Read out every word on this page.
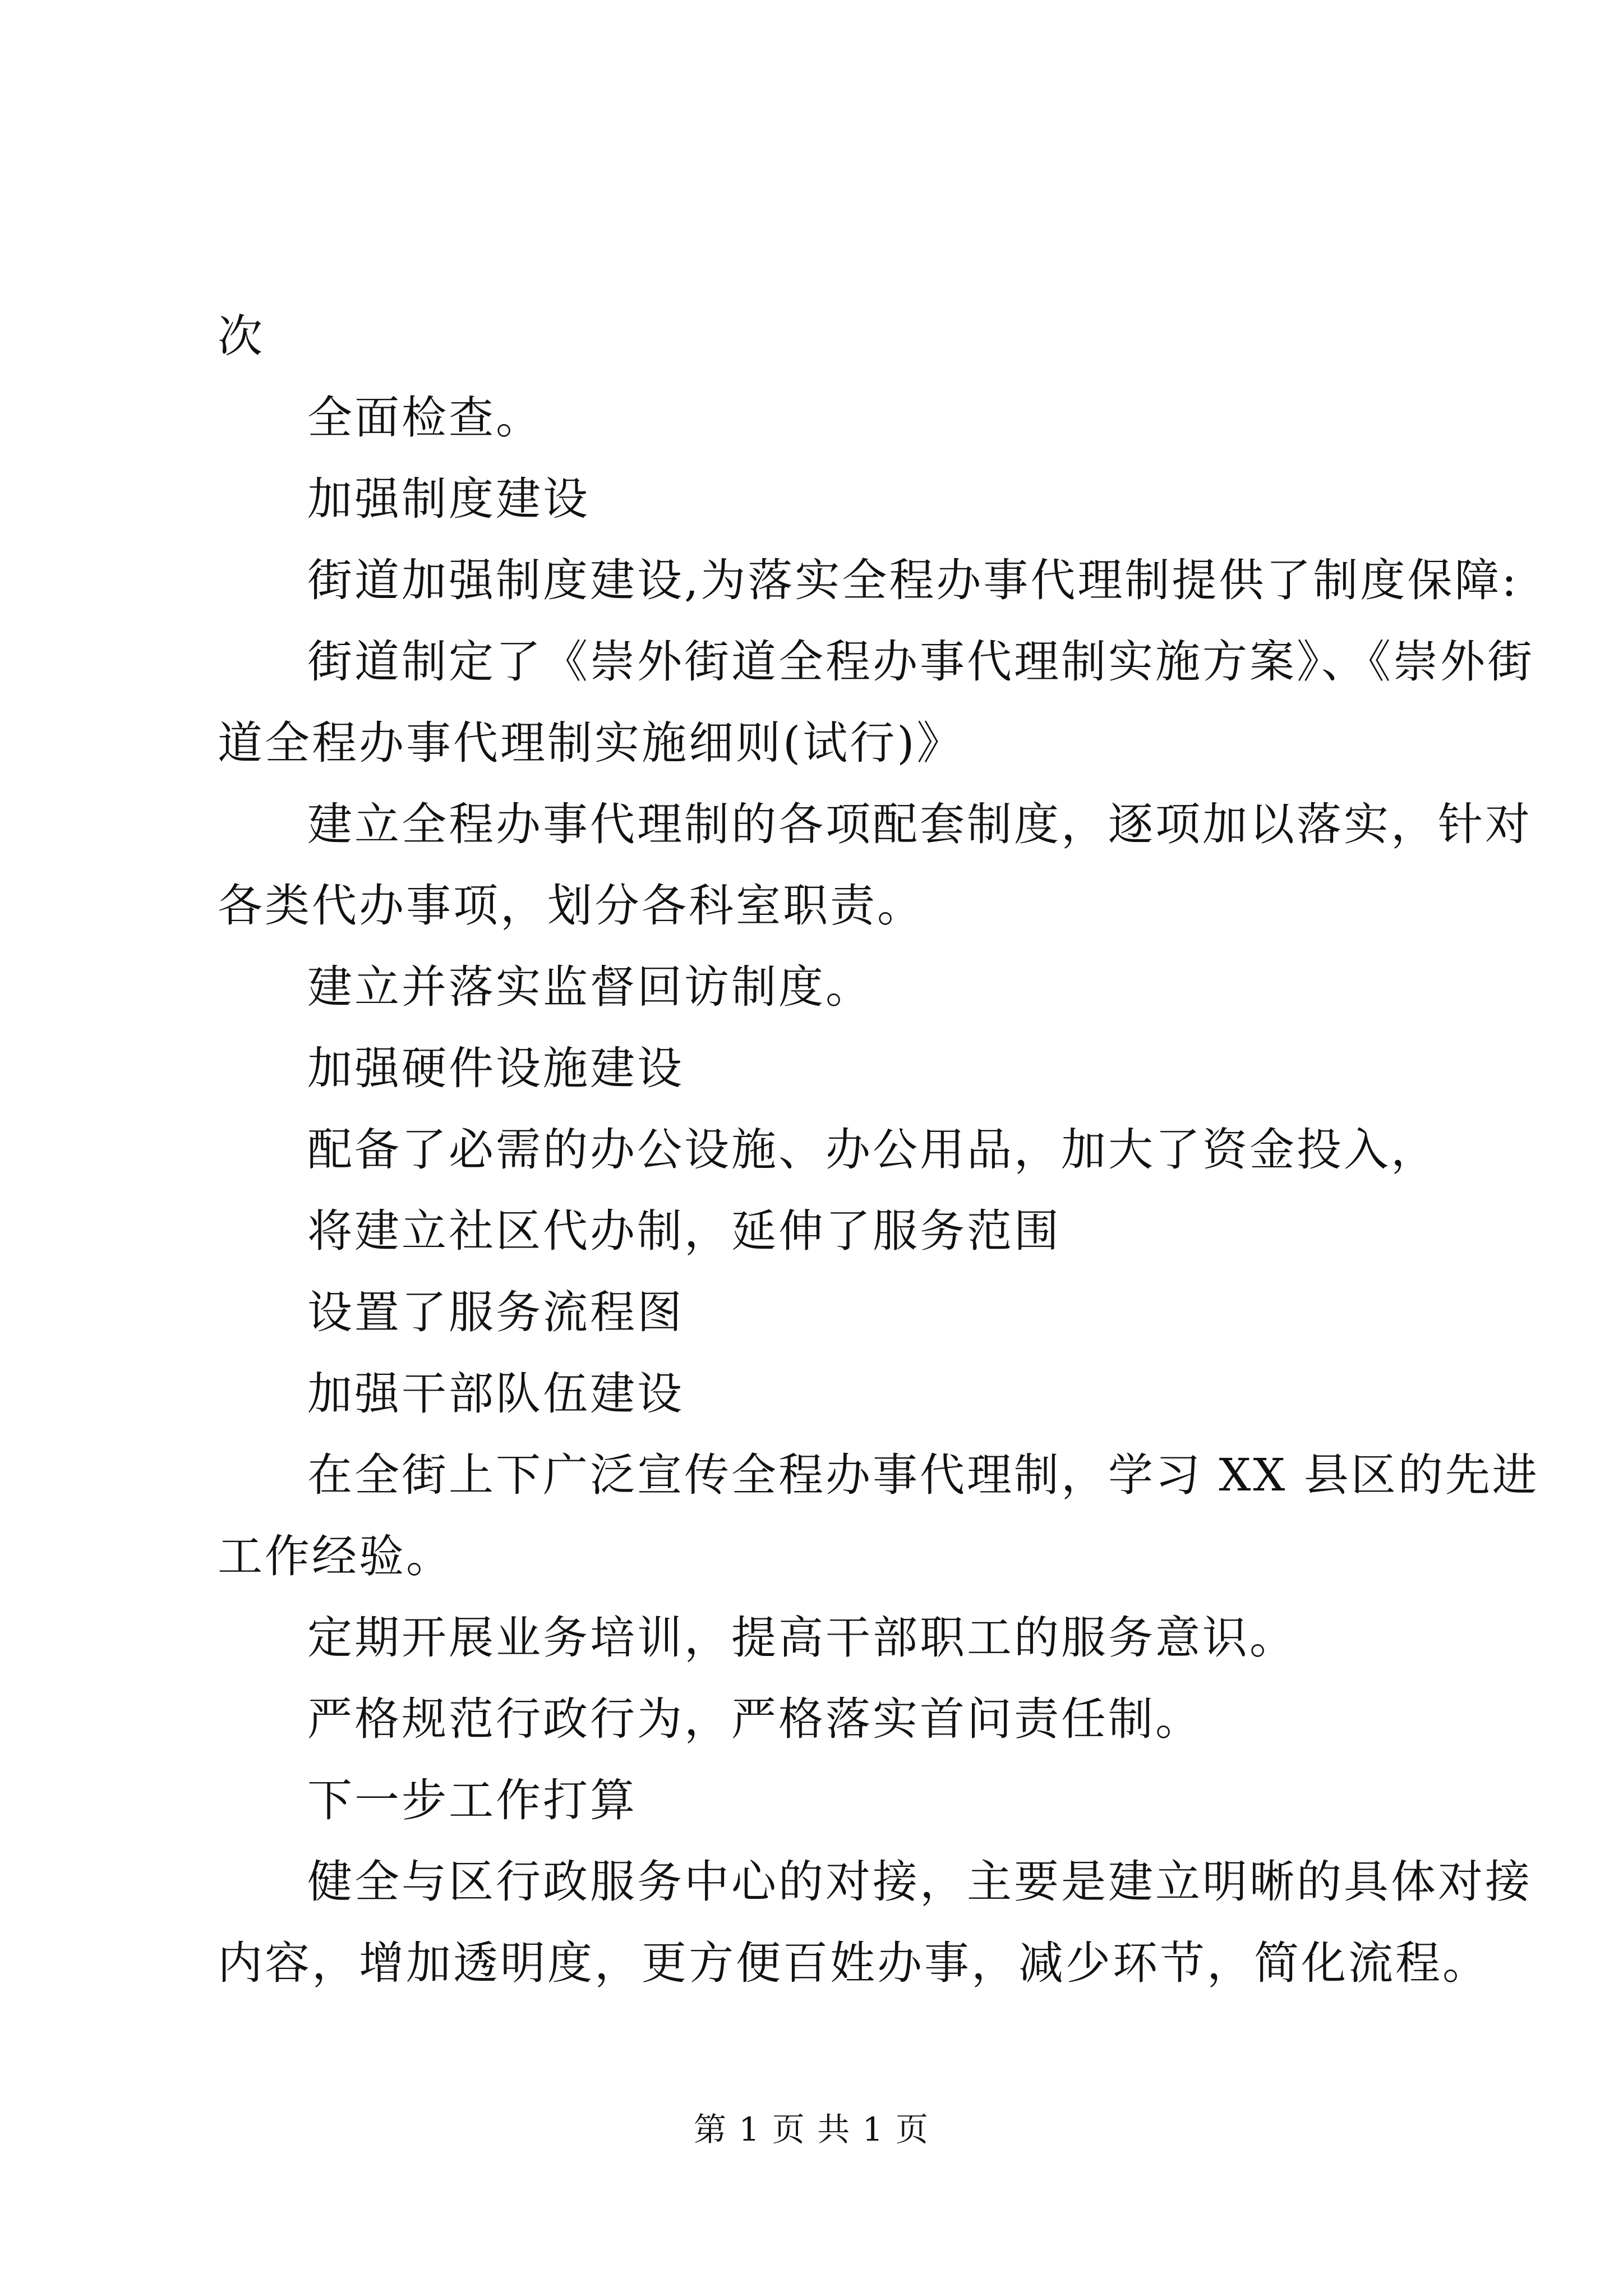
次
全面检查。
加强制度建设
街道加强制度建设,为落实全程办事代理制提供了制度保障:
街道制定了《崇外街道全程办事代理制实施方案》、《崇外街
道全程办事代理制实施细则(试行)》
建立全程办事代理制的各项配套制度，逐项加以落实，针对
各类代办事项，划分各科室职责。
建立并落实监督回访制度。
加强硬件设施建设
配备了必需的办公设施、办公用品，加大了资金投入，
将建立社区代办制，延伸了服务范围
设置了服务流程图
加强干部队伍建设
在全街上下广泛宣传全程办事代理制，学习 XX 县区的先进
工作经验。
定期开展业务培训，提高干部职工的服务意识。
严格规范行政行为，严格落实首问责任制。
下一步工作打算
健全与区行政服务中心的对接，主要是建立明晰的具体对接
内容，增加透明度，更方便百姓办事，减少环节，简化流程。
第 1 页 共 1 页
